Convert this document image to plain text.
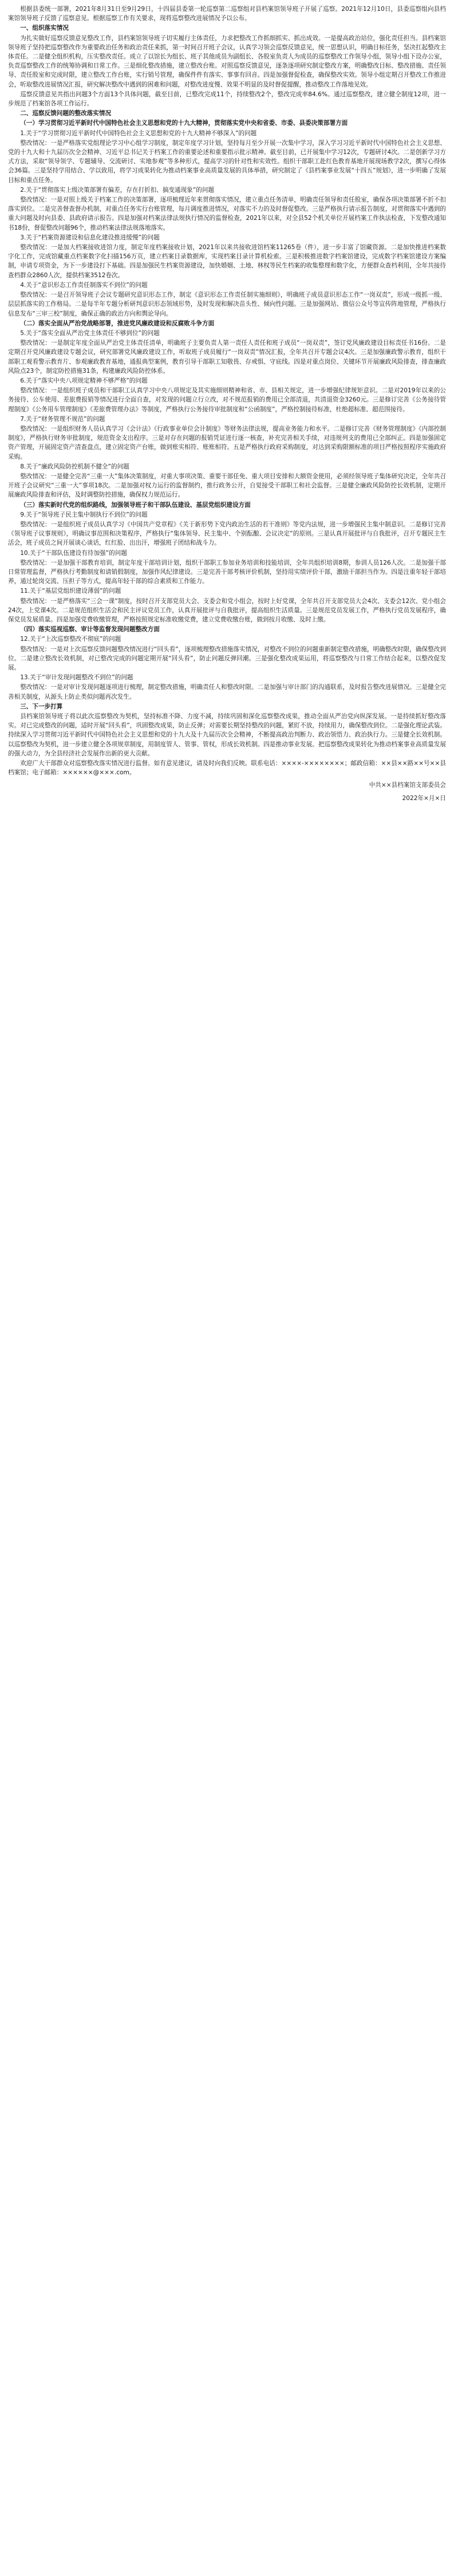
根据县委统一部署，2021年8月31日至9月29日，十四届县委第一轮巡察第二巡察组对县档案馆领导班子开展了巡察。2021年12月10日，县委巡察组向县档案馆领导班子反馈了巡察意见。根据巡察工作有关要求，现将巡察整改进展情况予以公布。

一、组织落实情况

为扎实做好巡察反馈意见整改工作，县档案馆领导班子切实履行主体责任，力求把整改工作抓细抓实、抓出成效。一是提高政治站位，强化责任担当。县档案馆领导班子坚持把巡察整改作为重要政治任务和政治责任来抓，第一时间召开班子会议，认真学习领会巡察反馈意见，统一思想认识，明确目标任务，坚决扛起整改主体责任。二是健全组织机构，压实整改责任。成立了以馆长为组长、班子其他成员为副组长、各股室负责人为成员的巡察整改工作领导小组，领导小组下设办公室，负责巡察整改工作的统筹协调和日常工作。三是细化整改措施，建立整改台账。对照巡察反馈意见，逐条逐项研究制定整改方案，明确整改目标、整改措施、责任领导、责任股室和完成时限，建立整改工作台账，实行销号管理，确保件件有落实、事事有回音。四是加强督促检查，确保整改实效。领导小组定期召开整改工作推进会，听取整改进展情况汇报，研究解决整改中遇到的困难和问题，对整改进度慢、效果不明显的及时督促提醒，推动整改工作落地见效。

巡察反馈意见共指出问题3个方面13个具体问题，截至目前，已整改完成11个，持续整改2个，整改完成率84.6%。通过巡察整改，建立健全制度12项，进一步规范了档案馆各项工作运行。

二、巡察反馈问题的整改落实情况

（一）学习贯彻习近平新时代中国特色社会主义思想和党的十九大精神，贯彻落实党中央和省委、市委、县委决策部署方面

1.关于“学习贯彻习近平新时代中国特色社会主义思想和党的十九大精神不够深入”的问题

整改情况：一是严格落实党组理论学习中心组学习制度，制定年度学习计划，坚持每月至少开展一次集中学习，深入学习习近平新时代中国特色社会主义思想、党的十九大和十九届历次全会精神、习近平总书记关于档案工作的重要论述和重要指示批示精神。截至目前，已开展集中学习12次，专题研讨4次。二是创新学习方式方法，采取“领导领学、专题辅导、交流研讨、实地参观”等多种形式，提高学习的针对性和实效性。组织干部职工赴红色教育基地开展现场教学2次，撰写心得体会36篇。三是坚持学用结合、学以致用，将学习成果转化为推动档案事业高质量发展的具体举措，研究制定了《县档案事业发展“十四五”规划》，进一步明确了发展目标和重点任务。

2.关于“贯彻落实上级决策部署有偏差，存在打折扣、搞变通现象”的问题

整改情况：一是对照上级关于档案工作的决策部署，逐项梳理近年来贯彻落实情况，建立重点任务清单，明确责任领导和责任股室，确保各项决策部署不折不扣落实到位。二是完善督查督办机制，对重点任务实行台账管理，每月调度推进情况，对落实不力的及时督促整改。三是严格执行请示报告制度，对贯彻落实中遇到的重大问题及时向县委、县政府请示报告。四是加强对档案法律法规执行情况的监督检查，2021年以来，对全县52个机关单位开展档案工作执法检查，下发整改通知书18份，督促整改问题96个，推动档案法律法规落地落实。

3.关于“档案资源建设和信息化建设推进缓慢”的问题

整改情况：一是加大档案接收进馆力度，制定年度档案接收计划，2021年以来共接收进馆档案11265卷（件），进一步丰富了馆藏资源。二是加快推进档案数字化工作，完成馆藏重点档案数字化扫描156万页，建立档案目录数据库，实现档案目录计算机检索。三是积极推进数字档案馆建设，完成数字档案馆建设方案编制，申请专项资金，为下一步建设打下基础。四是加强民生档案资源建设，加快婚姻、土地、林权等民生档案的收集整理和数字化，方便群众查档利用，全年共接待查档群众2860人次，提供档案3512卷次。

4.关于“意识形态工作责任制落实不到位”的问题

整改情况：一是召开领导班子会议专题研究意识形态工作，制定《意识形态工作责任制实施细则》，明确班子成员意识形态工作“一岗双责”，形成一级抓一级、层层抓落实的工作格局。二是每半年专题分析研判意识形态领域形势，及时发现和解决苗头性、倾向性问题。三是加强网站、微信公众号等宣传阵地管理，严格执行信息发布“三审三校”制度，确保正确的政治方向和舆论导向。

（二）落实全面从严治党战略部署，推进党风廉政建设和反腐败斗争方面

5.关于“落实全面从严治党主体责任不够到位”的问题

整改情况：一是制定年度全面从严治党主体责任清单，明确班子主要负责人第一责任人责任和班子成员“一岗双责”，签订党风廉政建设目标责任书16份。二是定期召开党风廉政建设专题会议，研究部署党风廉政建设工作，听取班子成员履行“一岗双责”情况汇报，全年共召开专题会议4次。三是加强廉政警示教育，组织干部职工观看警示教育片、参观廉政教育基地，通报典型案例，教育引导干部职工知敬畏、存戒惧、守底线。四是对重点岗位、关键环节开展廉政风险排查，排查廉政风险点23个，制定防控措施31条，构建廉政风险防控体系。

6.关于“落实中央八项规定精神不够严格”的问题

整改情况：一是组织班子成员和干部职工认真学习中央八项规定及其实施细则精神和省、市、县相关规定，进一步增强纪律规矩意识。二是对2019年以来的公务接待、公车使用、差旅费报销等情况进行全面自查，对发现的问题立行立改，对不规范报销的费用已全部清退，共清退资金3260元。三是修订完善《公务接待管理制度》《公务用车管理制度》《差旅费管理办法》等制度，严格执行公务接待审批制度和“公函制度”，严格控制接待标准，杜绝超标准、超范围接待。

7.关于“财务管理不规范”的问题

整改情况：一是组织财务人员认真学习《会计法》《行政事业单位会计制度》等财务法律法规，提高业务能力和水平。二是修订完善《财务管理制度》《内部控制制度》，严格执行财务审批制度，规范资金支出程序。三是对存在问题的报销凭证进行逐一核查，补充完善相关手续，对违规列支的费用已全部纠正。四是加强固定资产管理，开展固定资产清查盘点，建立固定资产台账，做到账实相符、账账相符。五是严格执行政府采购制度，对达到采购限额标准的项目严格按照程序实施政府采购。

8.关于“廉政风险防控机制不健全”的问题

整改情况：一是健全完善“三重一大”集体决策制度，对重大事项决策、重要干部任免、重大项目安排和大额资金使用，必须经领导班子集体研究决定，全年共召开班子会议研究“三重一大”事项18次。二是加强对权力运行的监督制约，推行政务公开，自觉接受干部职工和社会监督。三是健全廉政风险防控长效机制，定期开展廉政风险排查和评估，及时调整防控措施，确保权力规范运行。

（三）落实新时代党的组织路线，加强领导班子和干部队伍建设、基层党组织建设方面

9.关于“领导班子民主集中制执行不到位”的问题

整改情况：一是组织班子成员认真学习《中国共产党章程》《关于新形势下党内政治生活的若干准则》等党内法规，进一步增强民主集中制意识。二是修订完善《领导班子议事规则》，明确议事范围和决策程序，严格执行“集体领导、民主集中、个别酝酿、会议决定”的原则。三是认真开展批评与自我批评，召开专题民主生活会，班子成员之间开展谈心谈话，红红脸、出出汗，增强班子团结和战斗力。

10.关于“干部队伍建设有待加强”的问题

整改情况：一是加强干部教育培训，制定年度干部培训计划，组织干部职工参加业务培训和技能培训，全年共组织培训8期，参训人员126人次。二是加强干部日常管理监督，严格执行考勤制度和请销假制度，加强作风纪律建设。三是完善干部考核评价机制，坚持用实绩评价干部，激励干部担当作为。四是注重年轻干部培养，通过轮岗交流、压担子等方式，提高年轻干部的综合素质和工作能力。

11.关于“基层党组织建设薄弱”的问题

整改情况：一是严格落实“三会一课”制度，按时召开支部党员大会、支委会和党小组会，按时上好党课，全年共召开支部党员大会4次、支委会12次、党小组会24次，上党课4次。二是规范组织生活会和民主评议党员工作，认真开展批评与自我批评，提高组织生活质量。三是规范党员发展工作，严格执行党员发展程序，确保党员发展质量。四是加强党费收缴管理，严格按照规定标准收缴党费，建立党费收缴台账，做到按月收缴、及时上缴。

（四）落实巡视巡察、审计等监督发现问题整改方面

12.关于“上次巡察整改不彻底”的问题

整改情况：一是对上次巡察反馈问题整改情况进行“回头看”，逐项梳理整改措施落实情况，对整改不到位的问题重新制定整改措施，明确整改时限，确保整改到位。二是建立整改长效机制，对已整改完成的问题定期开展“回头看”，防止问题反弹回潮。三是强化整改成果运用，将巡察整改与日常工作结合起来，以整改促发展。

13.关于“审计发现问题整改不到位”的问题

整改情况：一是对审计发现问题逐项进行梳理，制定整改措施，明确责任人和整改时限。二是加强与审计部门的沟通联系，及时报告整改进展情况。三是健全完善相关制度，从源头上防止类似问题再次发生。

三、下一步打算

县档案馆领导班子将以此次巡察整改为契机，坚持标准不降、力度不减，持续巩固和深化巡察整改成果，推动全面从严治党向纵深发展。一是持续抓好整改落实。对已完成整改的问题，适时开展“回头看”，巩固整改成果，防止反弹；对需要长期坚持整改的问题，紧盯不放，持续用力，确保整改到位。二是强化理论武装。持续深入学习贯彻习近平新时代中国特色社会主义思想和党的十九大及十九届历次全会精神，不断提高政治判断力、政治领悟力、政治执行力。三是健全长效机制。以巡察整改为契机，进一步建立健全各项规章制度，用制度管人、管事、管权，形成长效机制。四是推动事业发展。把巡察整改成果转化为推动档案事业高质量发展的强大动力，为全县经济社会发展作出新的更大贡献。

欢迎广大干部群众对巡察整改落实情况进行监督。如有意见建议，请及时向我们反映。联系电话：××××-××××××××；邮政信箱：××县××路××号××县档案馆；电子邮箱：××××××@×××.com。

中共××县档案馆支部委员会

2022年×月×日
